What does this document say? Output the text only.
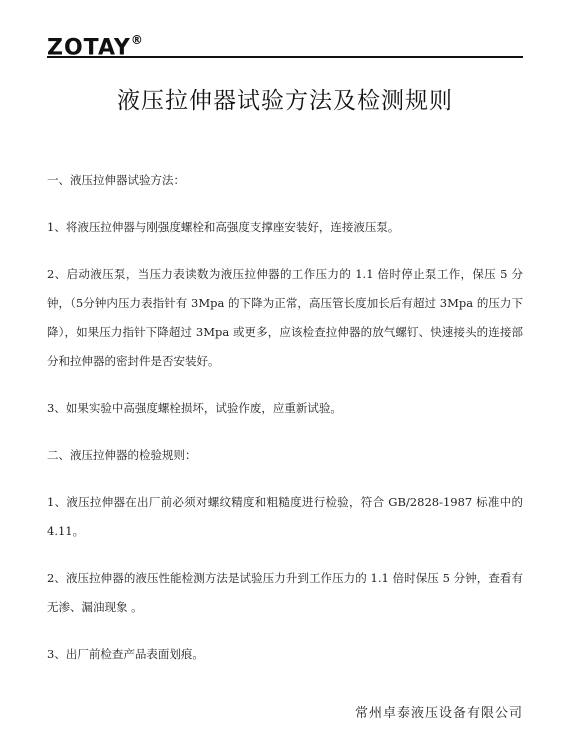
ZOTAY®
液压拉伸器试验方法及检测规则

一、液压拉伸器试验方法：

1、将液压拉伸器与刚强度螺栓和高强度支撑座安装好，连接液压泵。

2、启动液压泵，当压力表读数为液压拉伸器的工作压力的 1.1 倍时停止泵工作，保压 5 分钟，（5分钟内压力表指针有 3Mpa 的下降为正常，高压管长度加长后有超过 3Mpa 的压力下降），如果压力指针下降超过 3Mpa 或更多，应该检查拉伸器的放气螺钉、快速接头的连接部分和拉伸器的密封件是否安装好。

3、如果实验中高强度螺栓损坏，试验作废，应重新试验。

二、液压拉伸器的检验规则：

1、液压拉伸器在出厂前必须对螺纹精度和粗糙度进行检验，符合 GB/2828-1987 标准中的 4.11。

2、液压拉伸器的液压性能检测方法是试验压力升到工作压力的 1.1 倍时保压 5 分钟，查看有无渗、漏油现象 。

3、出厂前检查产品表面划痕。

常州卓泰液压设备有限公司
